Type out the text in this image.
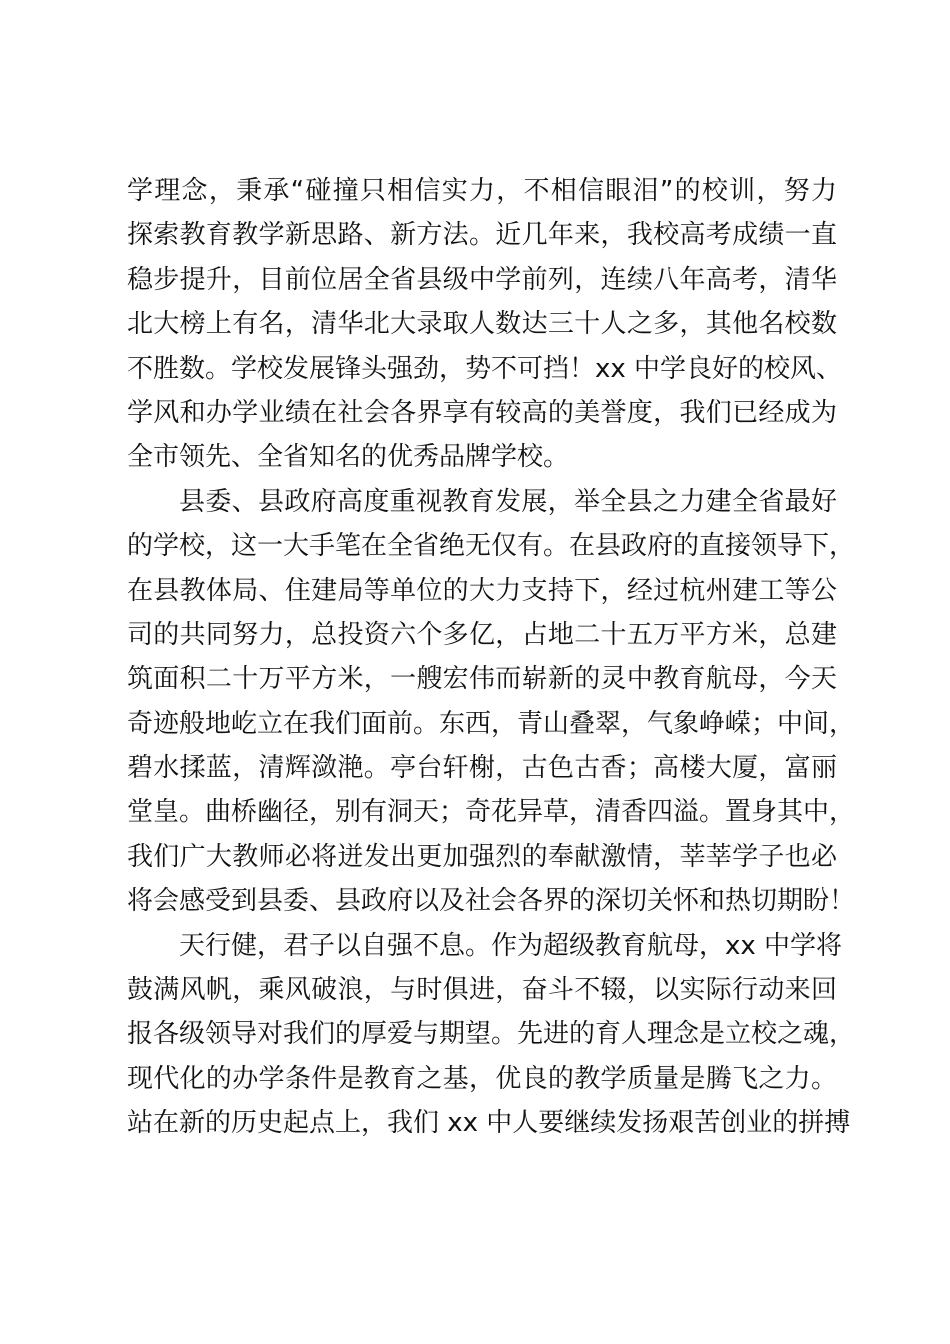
学理念，秉承“碰撞只相信实力，不相信眼泪”的校训，努力
探索教育教学新思路、新方法。近几年来，我校高考成绩一直
稳步提升，目前位居全省县级中学前列，连续八年高考，清华
北大榜上有名，清华北大录取人数达三十人之多，其他名校数
不胜数。学校发展锋头强劲，势不可挡！xx 中学良好的校风、
学风和办学业绩在社会各界享有较高的美誉度，我们已经成为
全市领先、全省知名的优秀品牌学校。
县委、县政府高度重视教育发展，举全县之力建全省最好
的学校，这一大手笔在全省绝无仅有。在县政府的直接领导下，
在县教体局、住建局等单位的大力支持下，经过杭州建工等公
司的共同努力，总投资六个多亿，占地二十五万平方米，总建
筑面积二十万平方米，一艘宏伟而崭新的灵中教育航母，今天
奇迹般地屹立在我们面前。东西，青山叠翠，气象峥嵘；中间，
碧水揉蓝，清辉潋滟。亭台轩榭，古色古香；高楼大厦，富丽
堂皇。曲桥幽径，别有洞天；奇花异草，清香四溢。置身其中，
我们广大教师必将迸发出更加强烈的奉献激情，莘莘学子也必
将会感受到县委、县政府以及社会各界的深切关怀和热切期盼！
天行健，君子以自强不息。作为超级教育航母，xx 中学将
鼓满风帆，乘风破浪，与时俱进，奋斗不辍，以实际行动来回
报各级领导对我们的厚爱与期望。先进的育人理念是立校之魂，
现代化的办学条件是教育之基，优良的教学质量是腾飞之力。
站在新的历史起点上，我们 xx 中人要继续发扬艰苦创业的拼搏
